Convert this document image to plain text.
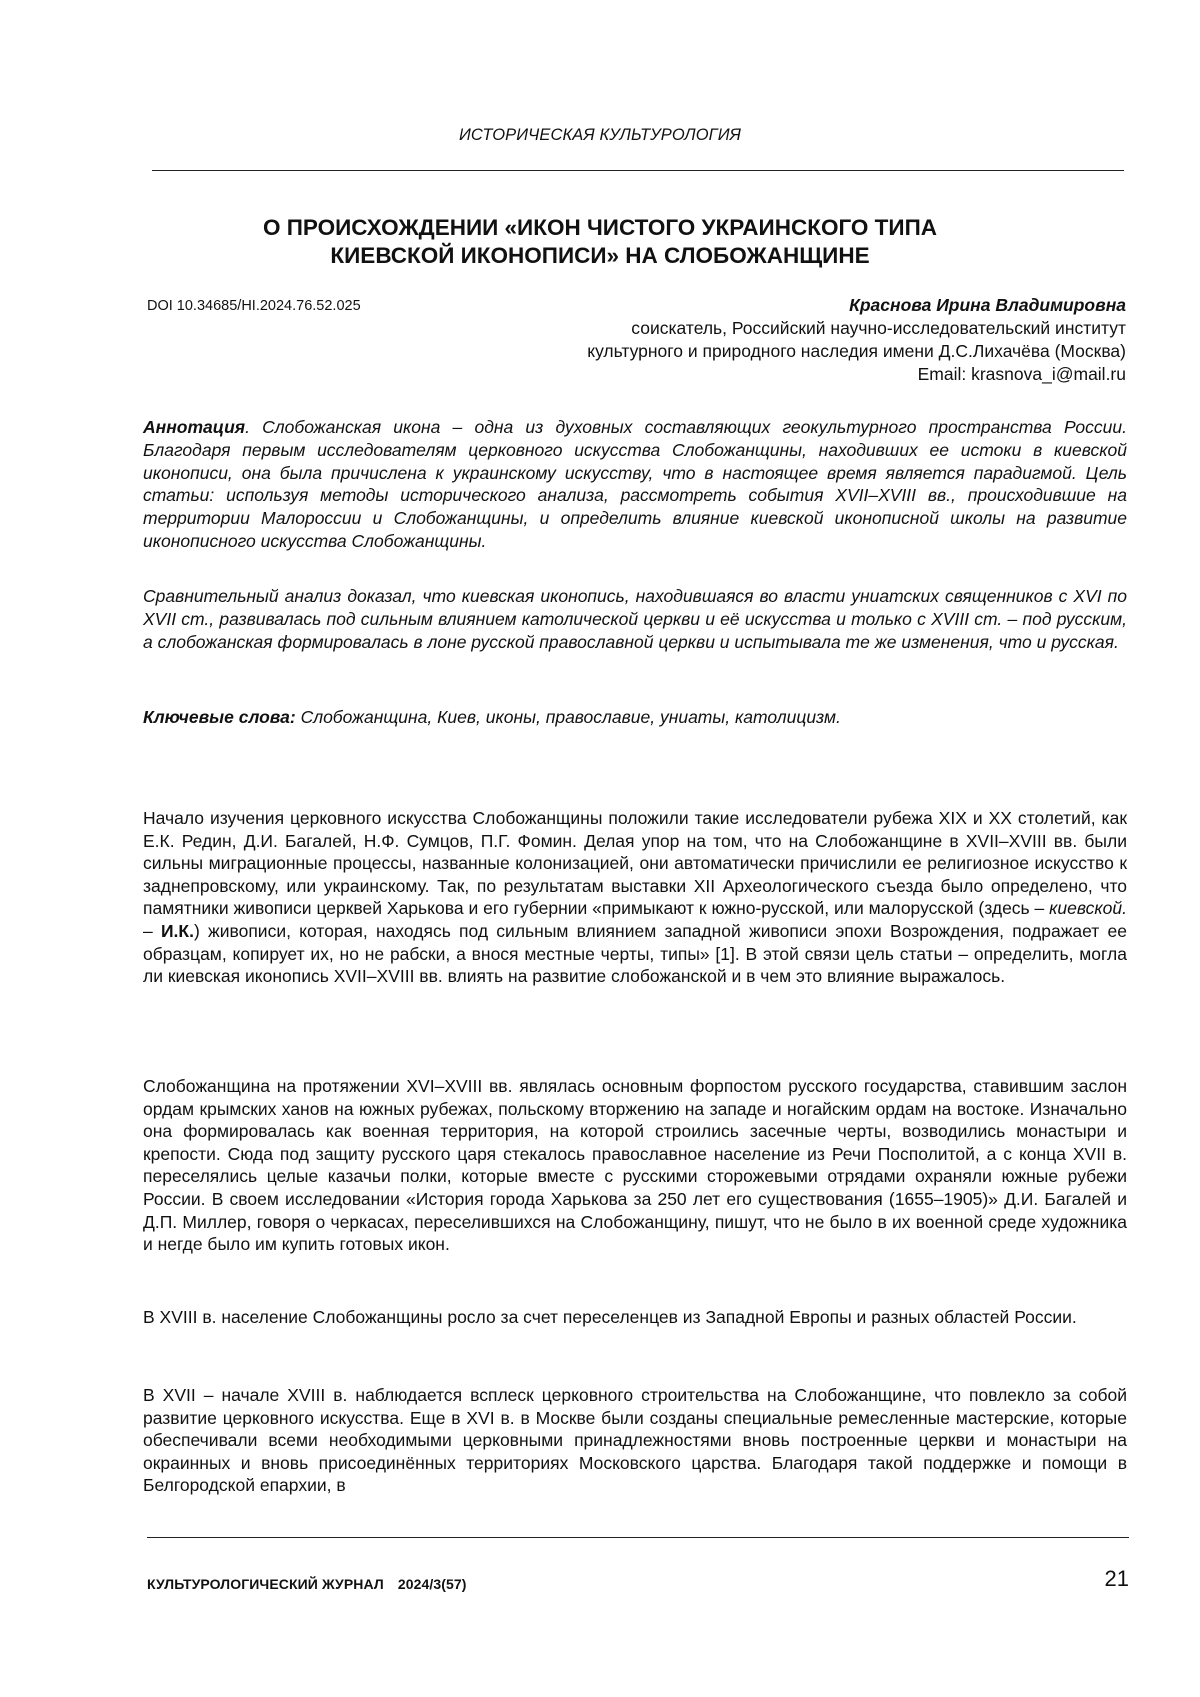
ИСТОРИЧЕСКАЯ КУЛЬТУРОЛОГИЯ
О ПРОИСХОЖДЕНИИ «ИКОН ЧИСТОГО УКРАИНСКОГО ТИПА
КИЕВСКОЙ ИКОНОПИСИ» НА СЛОБОЖАНЩИНЕ
DOI 10.34685/HI.2024.76.52.025	Краснова Ирина Владимировна
соискатель, Российский научно-исследовательский институт
культурного и природного наследия имени Д.С.Лихачёва (Москва)
Email: krasnova_i@mail.ru
Аннотация. Слобожанская икона – одна из духовных составляющих геокультурного пространства России. Благодаря первым исследователям церковного искусства Слобожанщины, находивших ее истоки в киевской иконописи, она была причислена к украинскому искусству, что в настоящее время является парадигмой. Цель статьи: используя методы исторического анализа, рассмотреть события XVII–XVIII вв., происходившие на территории Малороссии и Слобожанщины, и определить влияние киевской иконописной школы на развитие иконописного искусства Слобожанщины.
Сравнительный анализ доказал, что киевская иконопись, находившаяся во власти униатских священников с XVI по XVII ст., развивалась под сильным влиянием католической церкви и её искусства и только с XVIII ст. – под русским, а слобожанская формировалась в лоне русской православной церкви и испытывала те же изменения, что и русская.
Ключевые слова: Слобожанщина, Киев, иконы, православие, униаты, католицизм.
Начало изучения церковного искусства Слобожанщины положили такие исследователи рубежа XIX и XX столетий, как Е.К. Редин, Д.И. Багалей, Н.Ф. Сумцов, П.Г. Фомин. Делая упор на том, что на Слобожанщине в XVII–XVIII вв. были сильны миграционные процессы, названные колонизацией, они автоматически причислили ее религиозное искусство к заднепровскому, или украинскому. Так, по результатам выставки XII Археологического съезда было определено, что памятники живописи церквей Харькова и его губернии «примыкают к южно-русской, или малорусской (здесь – киевской. – И.К.) живописи, которая, находясь под сильным влиянием западной живописи эпохи Возрождения, подражает ее образцам, копирует их, но не рабски, а внося местные черты, типы» [1]. В этой связи цель статьи – определить, могла ли киевская иконопись XVII–XVIII вв. влиять на развитие слобожанской и в чем это влияние выражалось.
Слобожанщина на протяжении XVI–XVIII вв. являлась основным форпостом русского государства, ставившим заслон ордам крымских ханов на южных рубежах, польскому вторжению на западе и ногайским ордам на востоке. Изначально она формировалась как военная территория, на которой строились засечные черты, возводились монастыри и крепости. Сюда под защиту русского царя стекалось православное население из Речи Посполитой, а с конца XVII в. переселялись целые казачьи полки, которые вместе с русскими сторожевыми отрядами охраняли южные рубежи России. В своем исследовании «История города Харькова за 250 лет его существования (1655–1905)» Д.И. Багалей и Д.П. Миллер, говоря о черкасах, переселившихся на Слобожанщину, пишут, что не было в их военной среде художника и негде было им купить готовых икон.
В XVIII в. население Слобожанщины росло за счет переселенцев из Западной Европы и разных областей России.
В XVII – начале XVIII в. наблюдается всплеск церковного строительства на Слобожанщине, что повлекло за собой развитие церковного искусства. Еще в XVI в. в Москве были созданы специальные ремесленные мастерские, которые обеспечивали всеми необходимыми церковными принадлежностями вновь построенные церкви и монастыри на окраинных и вновь присоединённых территориях Московского царства. Благодаря такой поддержке и помощи в Белгородской епархии, в
КУЛЬТУРОЛОГИЧЕСКИЙ ЖУРНАЛ 2024/3(57)	21
